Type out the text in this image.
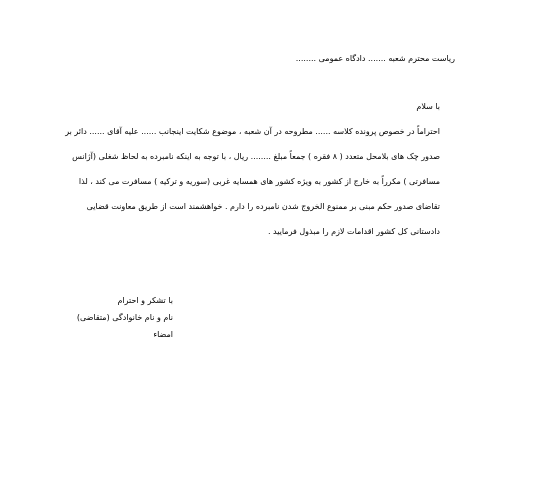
ریاست محترم شعبه ....... دادگاه عمومی ........
با سلام
احتراماً در خصوص پرونده کلاسه ...... مطروحه در آن شعبه ، موضوع شکایت اینجانب ...... علیه آقای ...... دائر بر
صدور چک های بلامحل متعدد ( ۸ فقره ) جمعاً مبلغ ........ ریال ، با توجه به اینکه نامبرده به لحاظ شغلی (آژانس
مسافرتی ) مکرراً به خارج از کشور به ویژه کشور های همسایه غربی (سوریه و ترکیه ) مسافرت می کند ، لذا
تقاضای صدور حکم مبنی بر ممنوع الخروج شدن نامبرده را دارم . خواهشمند است از طریق معاونت قضایی
دادستانی کل کشور اقدامات لازم را مبذول فرمایید .
با تشکر و احترام
نام و نام خانوادگی (متقاضی)
امضاء
